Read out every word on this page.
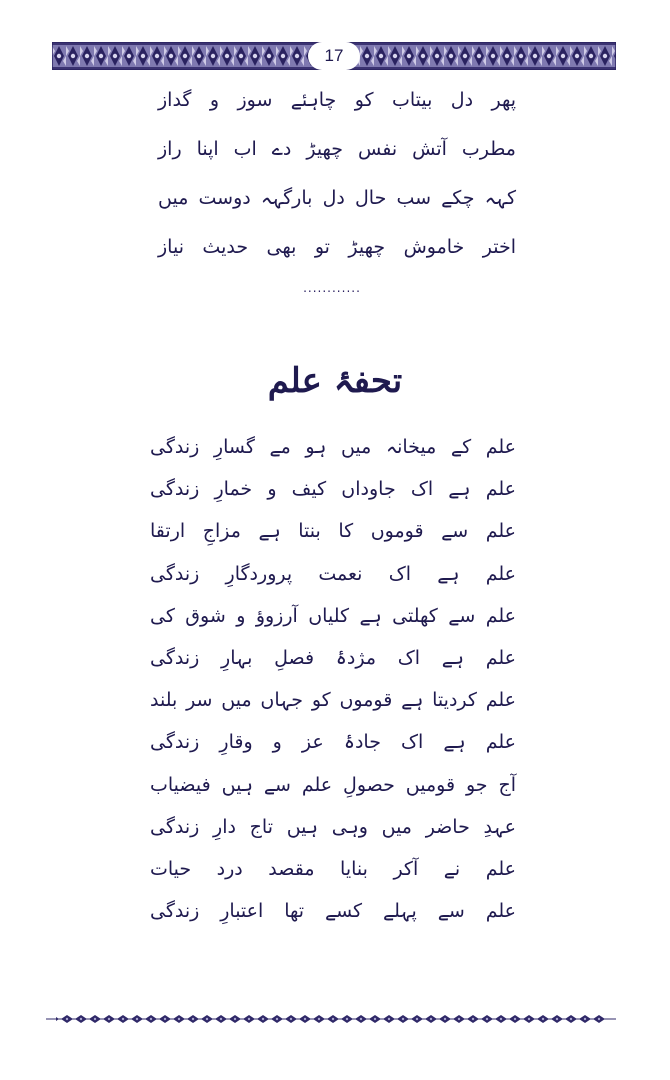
17
پھر دل بیتاب کو چاہئے سوز و گداز
مطرب آتش نفس چھیڑ دے اب اپنا راز
کہہ چکے سب حال دل بارگہہ دوست میں
اختر خاموش چھیڑ تو بھی حدیث نیاز
............
تحفۂ علم
علم کے میخانہ میں ہو مے گسارِ زندگی
علم ہے اک جاوداں کیف و خمارِ زندگی
علم سے قوموں کا بنتا ہے مزاجِ ارتقا
علم ہے اک نعمت پروردگارِ زندگی
علم سے کھلتی ہے کلیاں آرزوؤ و شوق کی
علم ہے اک مژدۂ فصلِ بہارِ زندگی
علم کردیتا ہے قوموں کو جہاں میں سر بلند
علم ہے اک جادۂ عز و وقارِ زندگی
آج جو قومیں حصولِ علم سے ہیں فیضیاب
عہدِ حاضر میں وہی ہیں تاج دارِ زندگی
علم نے آکر بنایا مقصد درد حیات
علم سے پہلے کسے تھا اعتبارِ زندگی
